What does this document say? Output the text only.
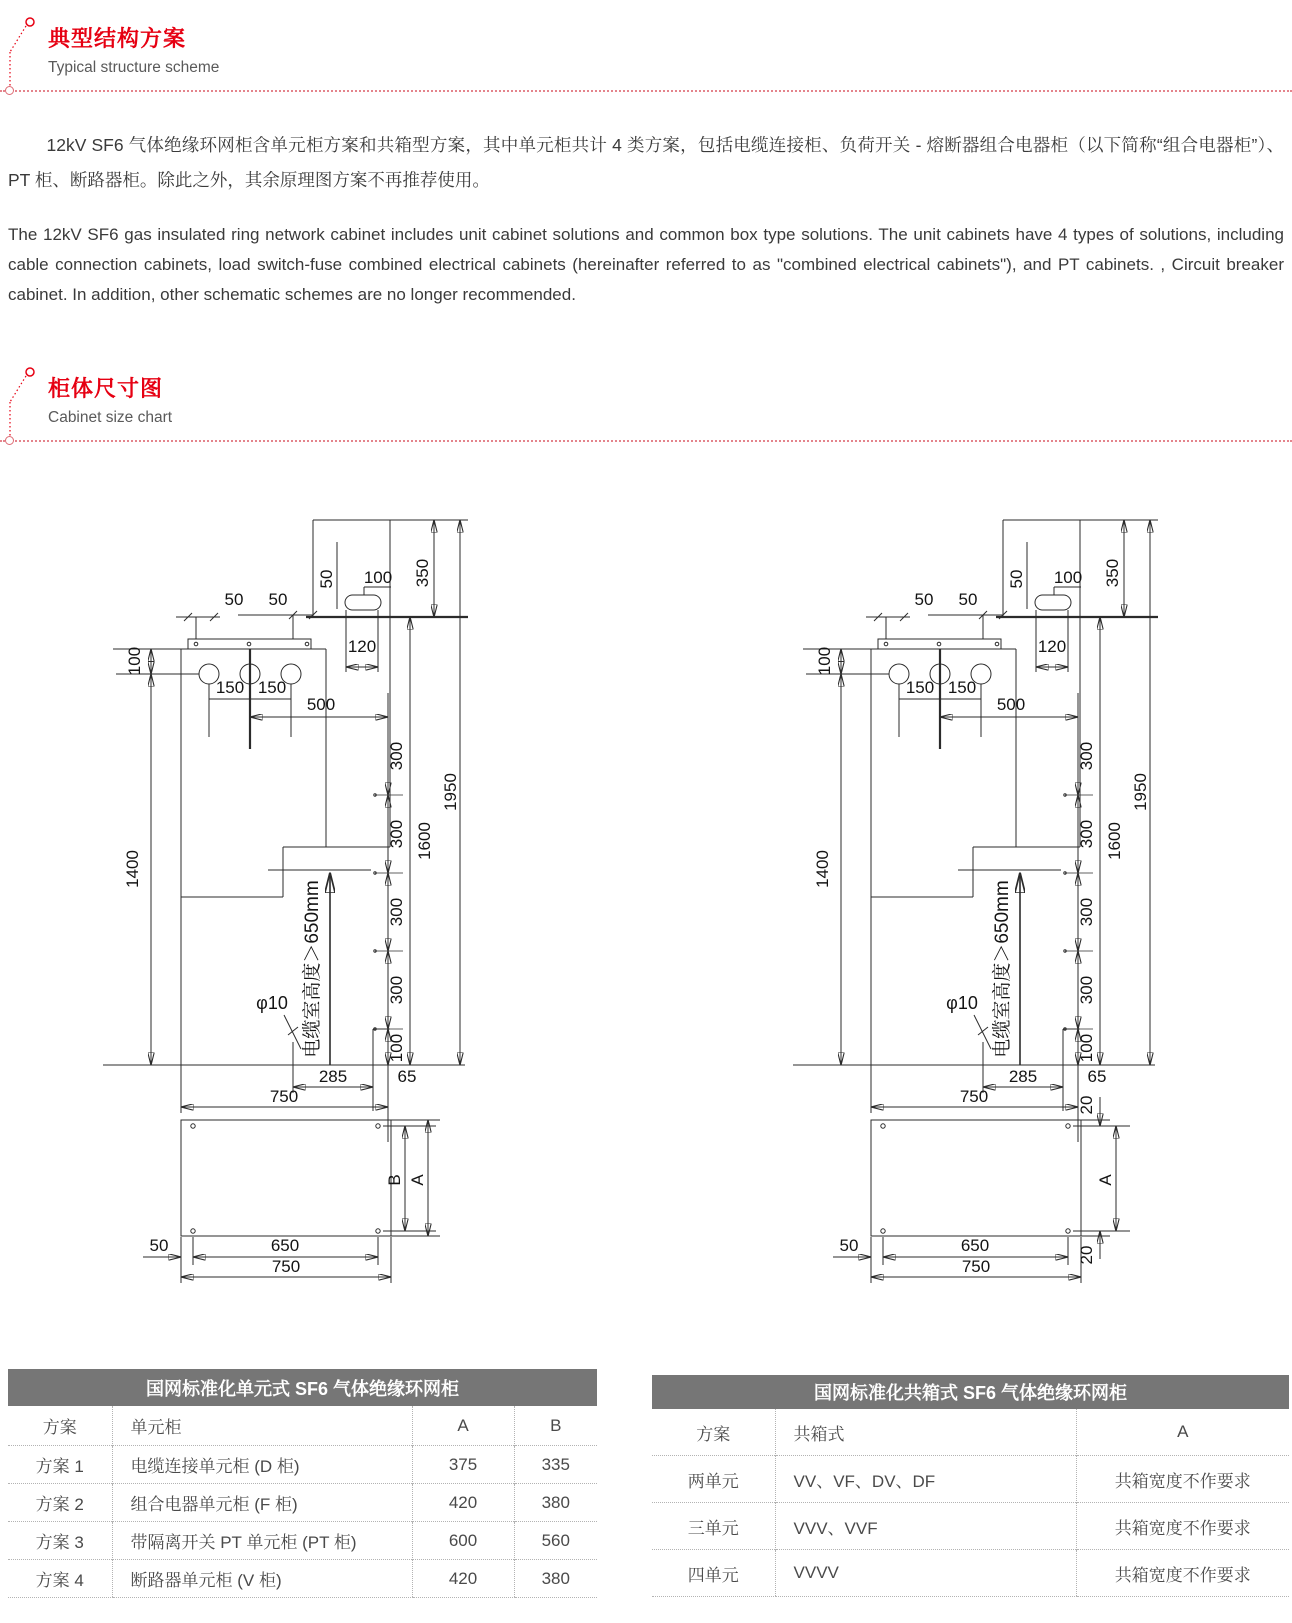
典型结构方案
Typical structure scheme

12kV SF6 气体绝缘环网柜含单元柜方案和共箱型方案，其中单元柜共计 4 类方案，包括电缆连接柜、负荷开关 - 熔断器组合电器柜（以下简称“组合电器柜”）、 PT 柜、断路器柜。除此之外，其余原理图方案不再推荐使用。

The 12kV SF6 gas insulated ring network cabinet includes unit cabinet solutions and common box type solutions. The unit cabinets have 4 types of solutions, including cable connection cabinets, load switch-fuse combined electrical cabinets (hereinafter referred to as "combined electrical cabinets"), and PT cabinets. , Circuit breaker cabinet. In addition, other schematic schemes are no longer recommended.

柜体尺寸图
Cabinet size chart
50 50
100
150 150
50 100 350
120
500
300
300
300
300
100
1600
1950
1400
电缆室高度＞650mm
φ10
285	65
750
B A
50	650
750
50 50
100
150 150
50 100 350
120
500
300
300
300
300
100
1600
1950
1400
电缆室高度＞650mm
φ10
285	65
750	20
A
20
50	650
750
国网标准化单元式 SF6 气体绝缘环网柜			
方案	单元柜	A	B
方案 1	电缆连接单元柜 (D 柜)	375	335
方案 2	组合电器单元柜 (F 柜)	420	380
方案 3	带隔离开关 PT 单元柜 (PT 柜)	600	560
方案 4	断路器单元柜 (V 柜)	420	380
国网标准化共箱式 SF6 气体绝缘环网柜		
方案	共箱式	A
两单元	VV、VF、DV、DF	共箱宽度不作要求
三单元	VVV、VVF	共箱宽度不作要求
四单元	VVVV	共箱宽度不作要求
